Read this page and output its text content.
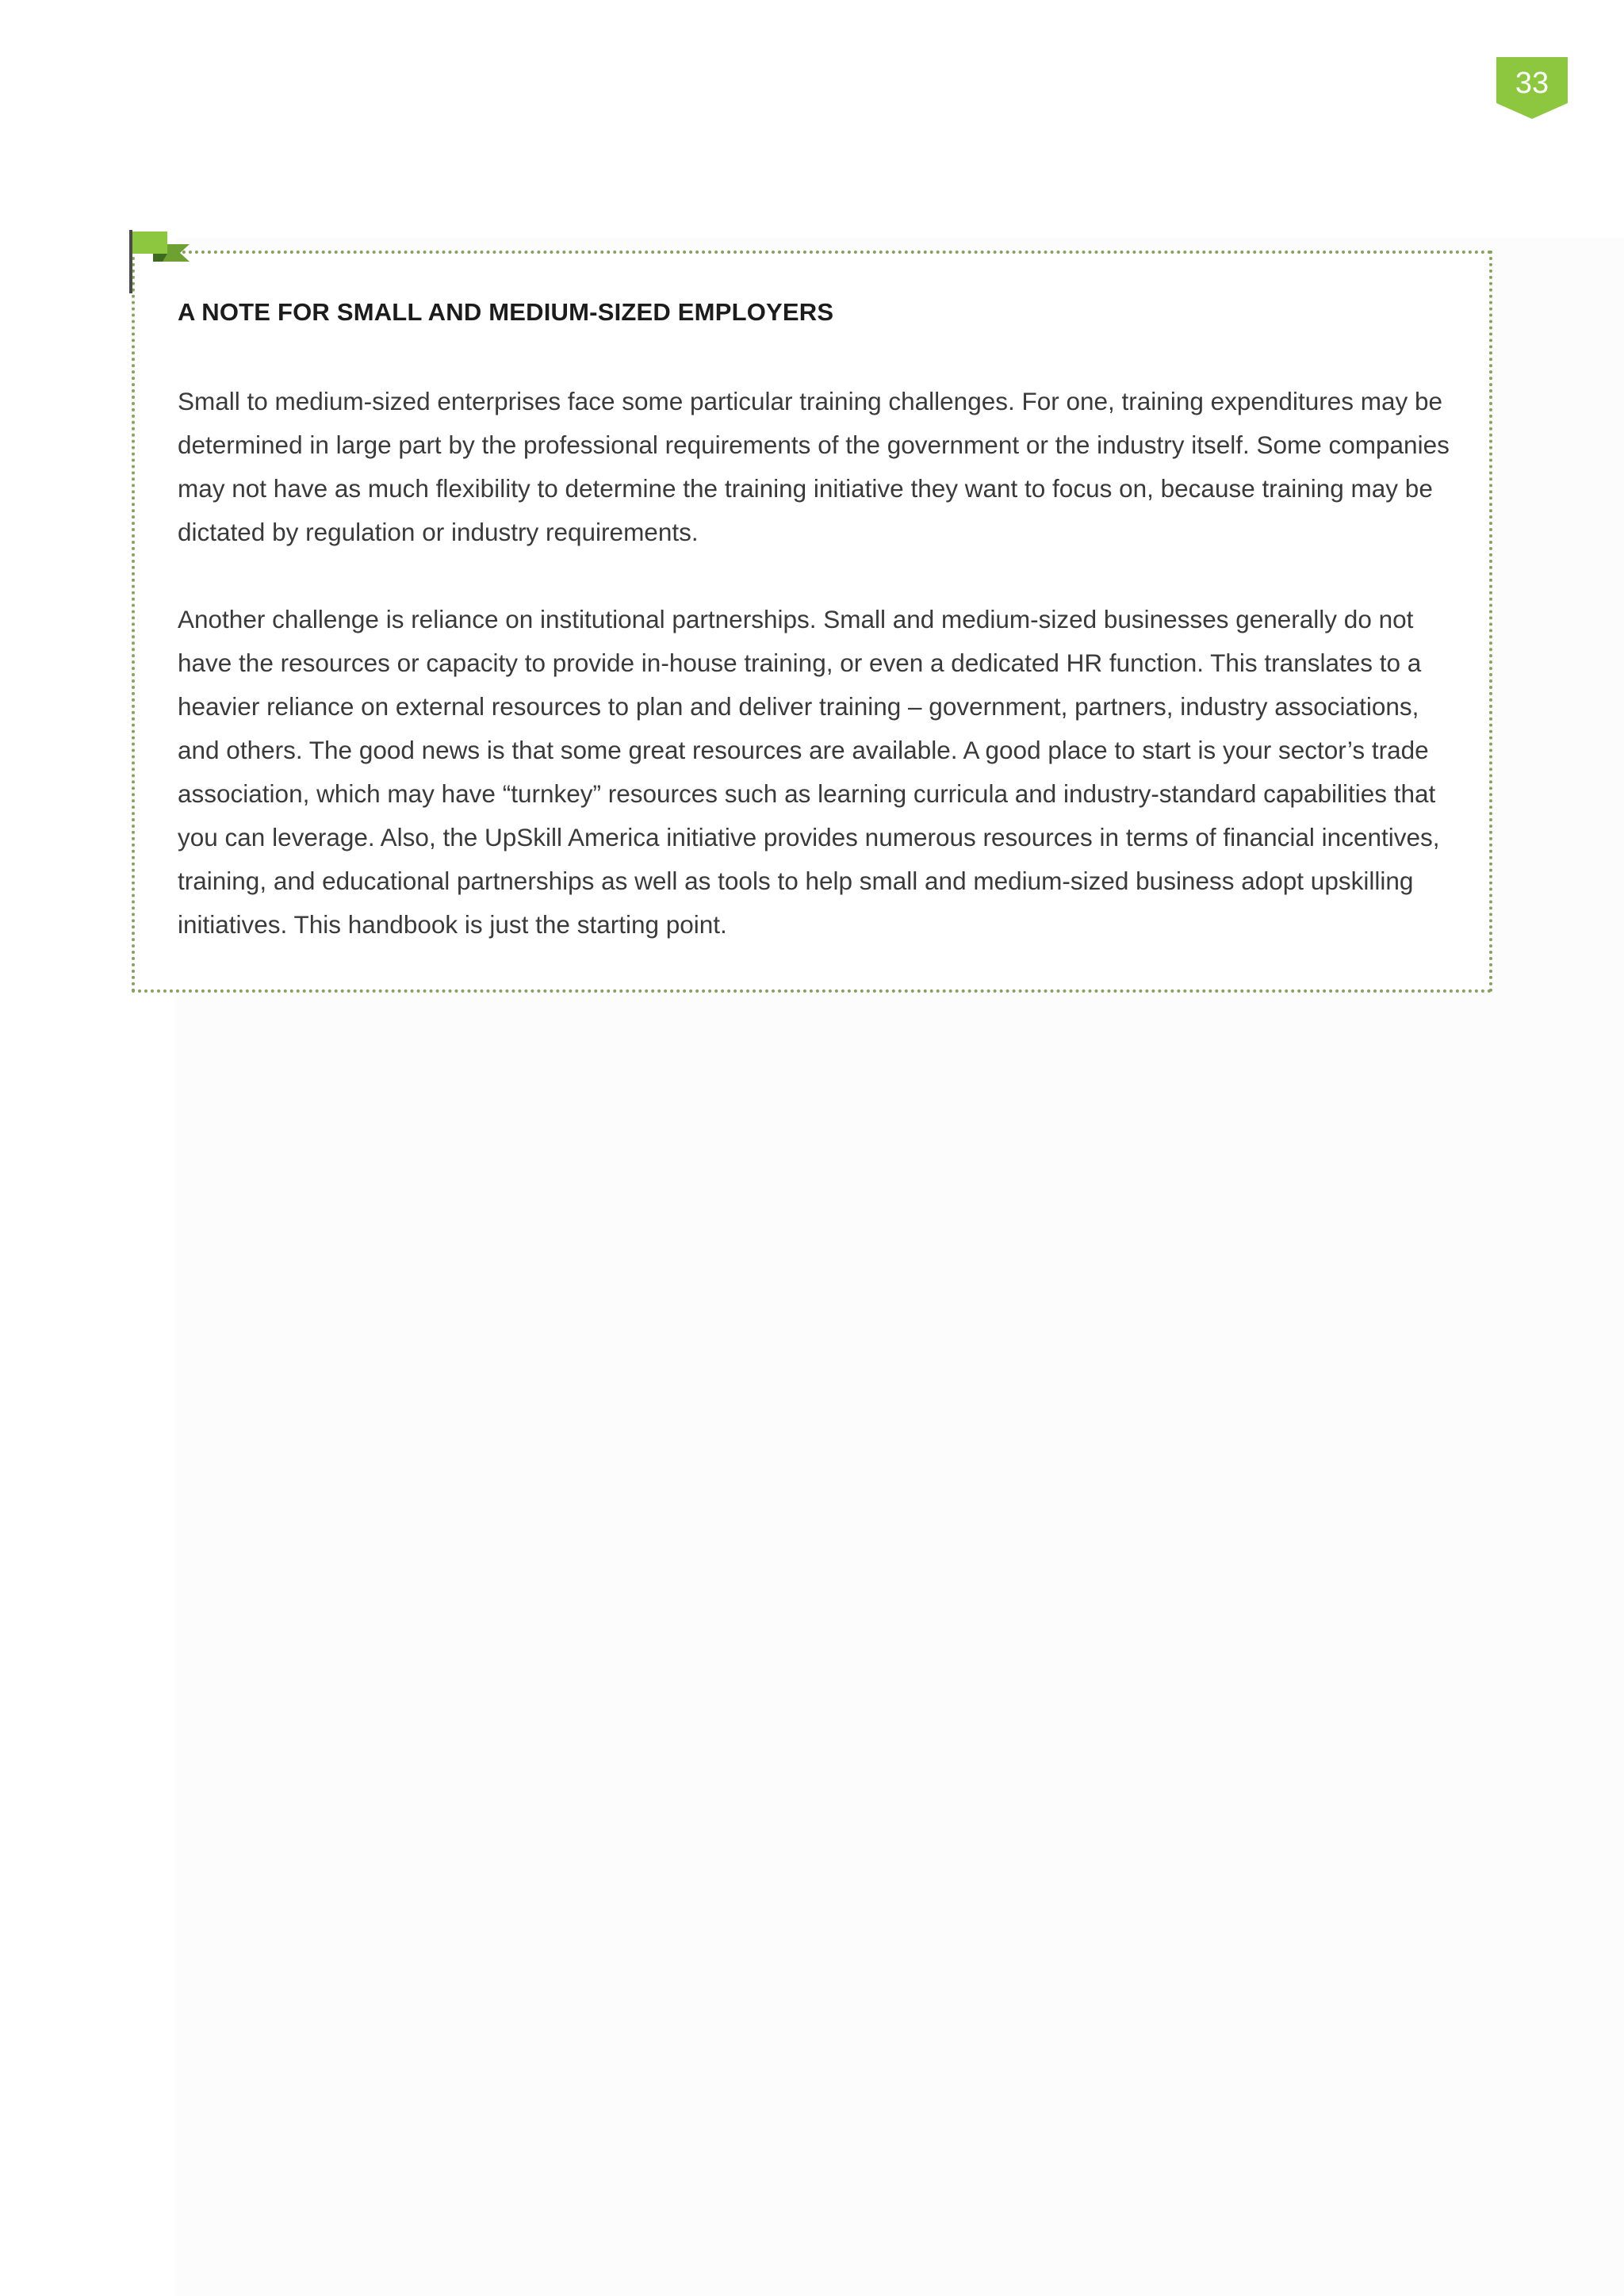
33
A NOTE FOR SMALL AND MEDIUM-SIZED EMPLOYERS

Small to medium-sized enterprises face some particular training challenges. For one, training expenditures may be determined in large part by the professional requirements of the government or the industry itself. Some companies may not have as much flexibility to determine the training initiative they want to focus on, because training may be dictated by regulation or industry requirements.

Another challenge is reliance on institutional partnerships. Small and medium-sized businesses generally do not have the resources or capacity to provide in-house training, or even a dedicated HR function. This translates to a heavier reliance on external resources to plan and deliver training – government, partners, industry associations, and others. The good news is that some great resources are available. A good place to start is your sector’s trade association, which may have “turnkey” resources such as learning curricula and industry-standard capabilities that you can leverage. Also, the UpSkill America initiative provides numerous resources in terms of financial incentives, training, and educational partnerships as well as tools to help small and medium-sized business adopt upskilling initiatives. This handbook is just the starting point.
